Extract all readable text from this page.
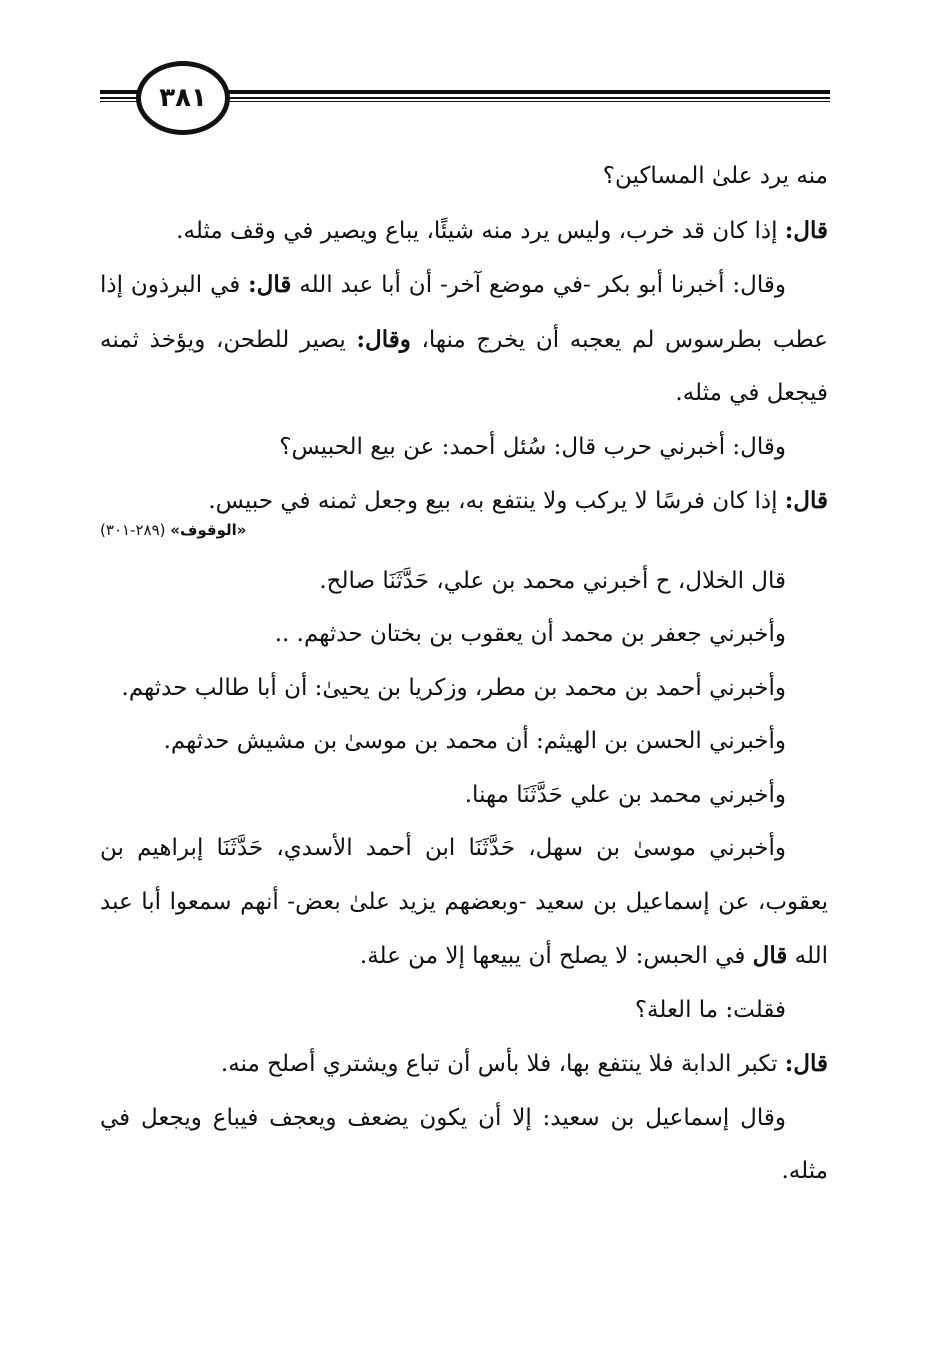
٣٨١

منه يرد علىٰ المساكين؟

قال: إذا كان قد خرب، وليس يرد منه شيئًا، يباع ويصير في وقف مثله.

وقال: أخبرنا أبو بكر -في موضع آخر- أن أبا عبد الله قال: في البرذون إذا عطب بطرسوس لم يعجبه أن يخرج منها، وقال: يصير للطحن، ويؤخذ ثمنه فيجعل في مثله.

وقال: أخبرني حرب قال: سُئل أحمد: عن بيع الحبيس؟

قال: إذا كان فرسًا لا يركب ولا ينتفع به، بيع وجعل ثمنه في حبيس.

«الوقوف» (٢٨٩-٣٠١)

قال الخلال، ح أخبرني محمد بن علي، حَدَّثَنَا صالح.

وأخبرني جعفر بن محمد أن يعقوب بن بختان حدثهم. ..

وأخبرني أحمد بن محمد بن مطر، وزكريا بن يحيىٰ: أن أبا طالب حدثهم.

وأخبرني الحسن بن الهيثم: أن محمد بن موسىٰ بن مشيش حدثهم.

وأخبرني محمد بن علي حَدَّثَنَا مهنا.

وأخبرني موسىٰ بن سهل، حَدَّثَنَا ابن أحمد الأسدي، حَدَّثَنَا إبراهيم بن يعقوب، عن إسماعيل بن سعيد -وبعضهم يزيد علىٰ بعض- أنهم سمعوا أبا عبد الله قال في الحبس: لا يصلح أن يبيعها إلا من علة.

فقلت: ما العلة؟

قال: تكبر الدابة فلا ينتفع بها، فلا بأس أن تباع ويشتري أصلح منه.

وقال إسماعيل بن سعيد: إلا أن يكون يضعف ويعجف فيباع ويجعل في مثله.
